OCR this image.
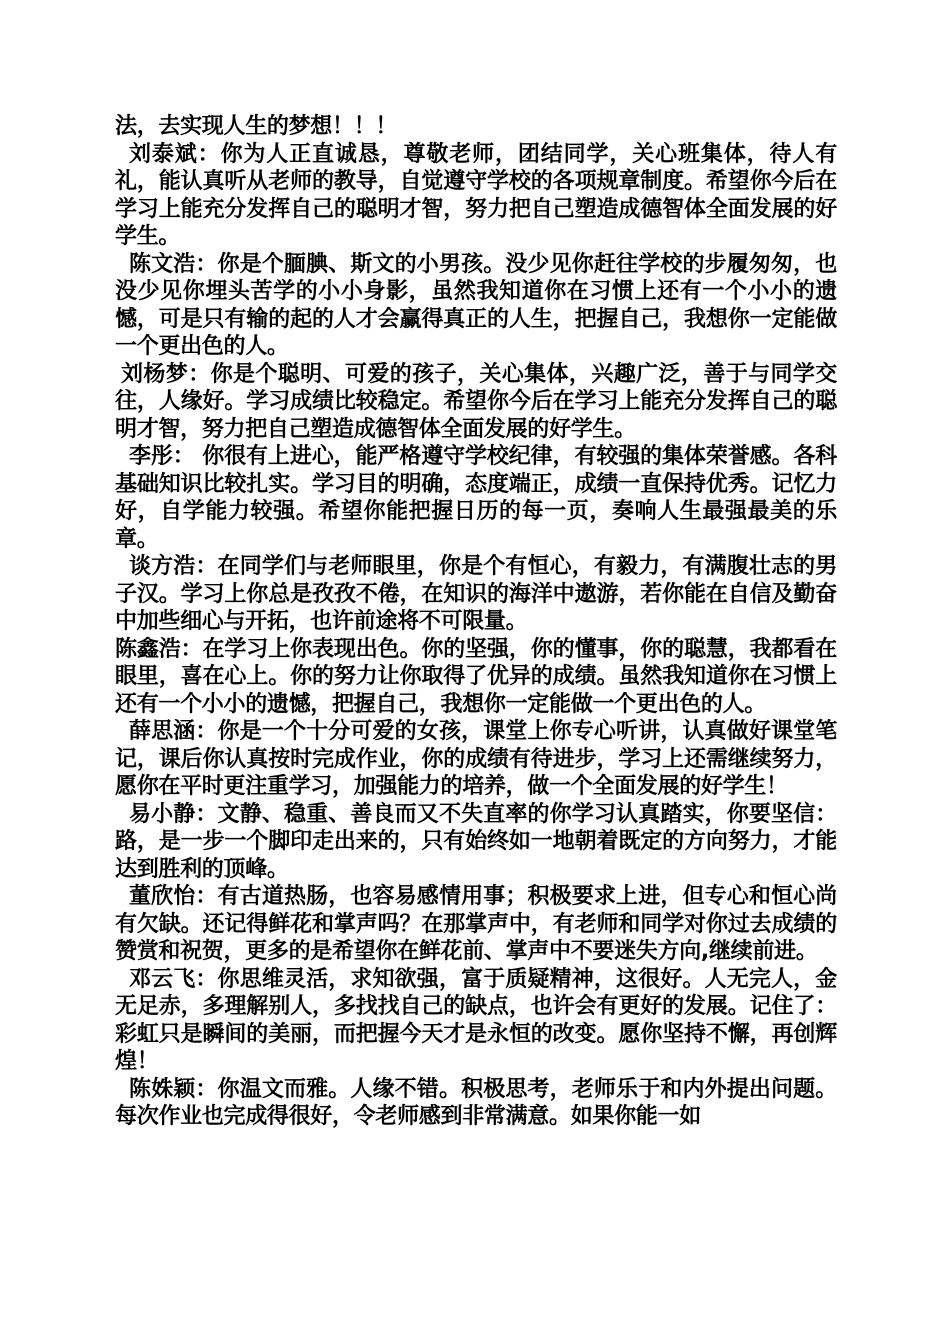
法，去实现人生的梦想！！！

刘泰斌：你为人正直诚恳，尊敬老师，团结同学，关心班集体，待人有礼，能认真听从老师的教导，自觉遵守学校的各项规章制度。希望你今后在学习上能充分发挥自己的聪明才智，努力把自己塑造成德智体全面发展的好学生。

陈文浩：你是个腼腆、斯文的小男孩。没少见你赶往学校的步履匆匆，也没少见你埋头苦学的小小身影，虽然我知道你在习惯上还有一个小小的遗憾，可是只有输的起的人才会赢得真正的人生，把握自己，我想你一定能做一个更出色的人。

刘杨梦：你是个聪明、可爱的孩子，关心集体，兴趣广泛，善于与同学交往，人缘好。学习成绩比较稳定。希望你今后在学习上能充分发挥自己的聪明才智，努力把自己塑造成德智体全面发展的好学生。

李彤： 你很有上进心，能严格遵守学校纪律，有较强的集体荣誉感。各科基础知识比较扎实。学习目的明确，态度端正，成绩一直保持优秀。记忆力好，自学能力较强。希望你能把握日历的每一页，奏响人生最强最美的乐章。

谈方浩：在同学们与老师眼里，你是个有恒心，有毅力，有满腹壮志的男子汉。学习上你总是孜孜不倦，在知识的海洋中遨游，若你能在自信及勤奋中加些细心与开拓，也许前途将不可限量。

陈鑫浩：在学习上你表现出色。你的坚强，你的懂事，你的聪慧，我都看在眼里，喜在心上。你的努力让你取得了优异的成绩。虽然我知道你在习惯上还有一个小小的遗憾，把握自己，我想你一定能做一个更出色的人。

薛思涵：你是一个十分可爱的女孩，课堂上你专心听讲，认真做好课堂笔记，课后你认真按时完成作业，你的成绩有待进步，学习上还需继续努力，愿你在平时更注重学习，加强能力的培养，做一个全面发展的好学生！

易小静：文静、稳重、善良而又不失直率的你学习认真踏实，你要坚信：路，是一步一个脚印走出来的，只有始终如一地朝着既定的方向努力，才能达到胜利的顶峰。

董欣怡：有古道热肠，也容易感情用事；积极要求上进，但专心和恒心尚有欠缺。还记得鲜花和掌声吗？在那掌声中，有老师和同学对你过去成绩的赞赏和祝贺，更多的是希望你在鲜花前、掌声中不要迷失方向,继续前进。

邓云飞：你思维灵活，求知欲强，富于质疑精神，这很好。人无完人，金无足赤，多理解别人，多找找自己的缺点，也许会有更好的发展。记住了：彩虹只是瞬间的美丽，而把握今天才是永恒的改变。愿你坚持不懈，再创辉煌！

陈姝颖：你温文而雅。人缘不错。积极思考，老师乐于和内外提出问题。每次作业也完成得很好，令老师感到非常满意。如果你能一如
